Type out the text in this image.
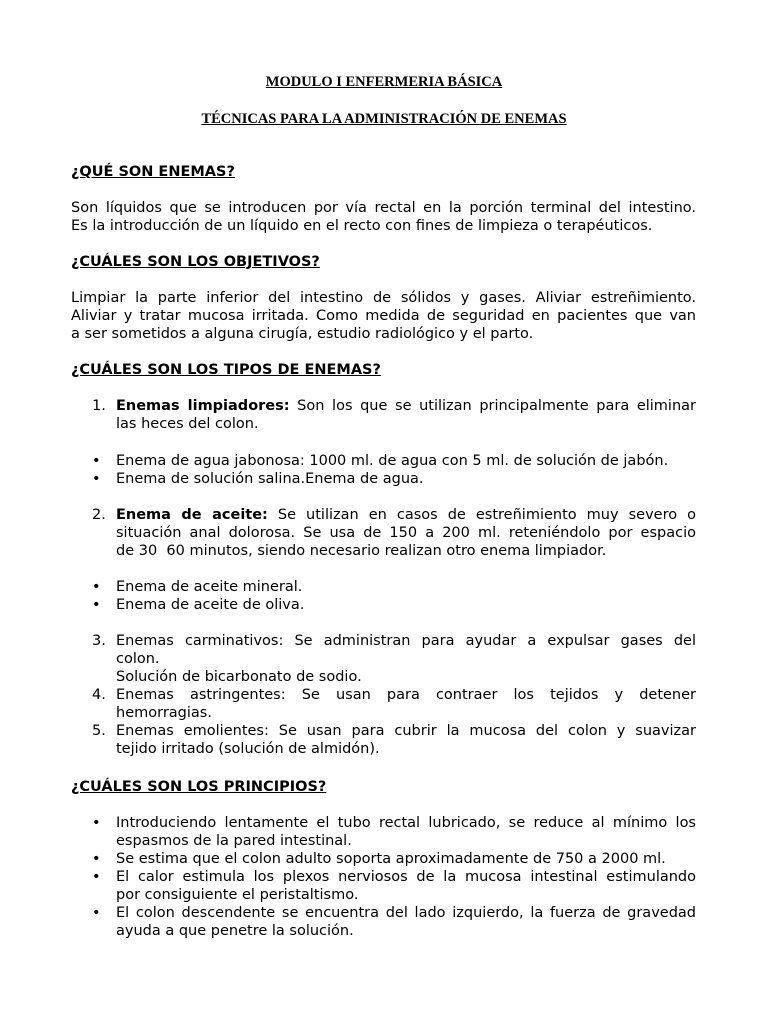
MODULO I ENFERMERIA BÁSICA
TÉCNICAS PARA LA ADMINISTRACIÓN DE ENEMAS
¿QUÉ SON ENEMAS?
Son líquidos que se introducen por vía rectal en la porción terminal del intestino.
Es la introducción de un líquido en el recto con fines de limpieza o terapéuticos.
¿CUÁLES SON LOS OBJETIVOS?
Limpiar la parte inferior del intestino de sólidos y gases. Aliviar estreñimiento.
Aliviar y tratar mucosa irritada. Como medida de seguridad en pacientes que van
a ser sometidos a alguna cirugía, estudio radiológico y el parto.
¿CUÁLES SON LOS TIPOS DE ENEMAS?
1. Enemas limpiadores: Son los que se utilizan principalmente para eliminar
las heces del colon.
• Enema de agua jabonosa: 1000 ml. de agua con 5 ml. de solución de jabón.
• Enema de solución salina.Enema de agua.
2. Enema de aceite: Se utilizan en casos de estreñimiento muy severo o
situación anal dolorosa. Se usa de 150 a 200 ml. reteniéndolo por espacio
de 30  60 minutos, siendo necesario realizan otro enema limpiador.
• Enema de aceite mineral.
• Enema de aceite de oliva.
3. Enemas carminativos: Se administran para ayudar a expulsar gases del
colon.
Solución de bicarbonato de sodio.
4. Enemas astringentes: Se usan para contraer los tejidos y detener
hemorragias.
5. Enemas emolientes: Se usan para cubrir la mucosa del colon y suavizar
tejido irritado (solución de almidón).
¿CUÁLES SON LOS PRINCIPIOS?
• Introduciendo lentamente el tubo rectal lubricado, se reduce al mínimo los
espasmos de la pared intestinal.
• Se estima que el colon adulto soporta aproximadamente de 750 a 2000 ml.
• El calor estimula los plexos nerviosos de la mucosa intestinal estimulando
por consiguiente el peristaltismo.
• El colon descendente se encuentra del lado izquierdo, la fuerza de gravedad
ayuda a que penetre la solución.
